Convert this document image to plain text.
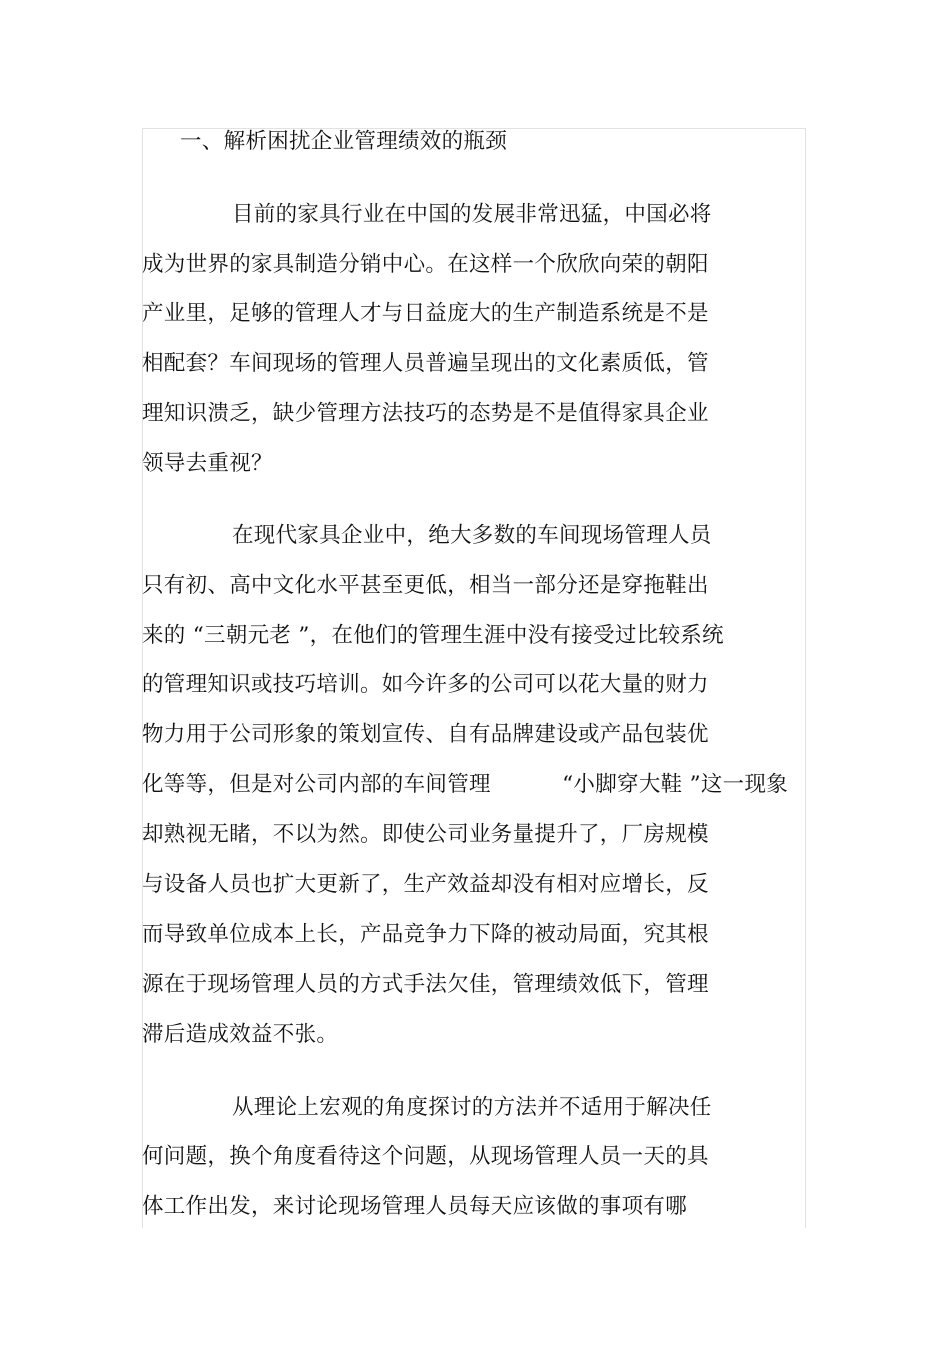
一、解析困扰企业管理绩效的瓶颈
目前的家具行业在中国的发展非常迅猛，中国必将
成为世界的家具制造分销中心。在这样一个欣欣向荣的朝阳
产业里，足够的管理人才与日益庞大的生产制造系统是不是
相配套？车间现场的管理人员普遍呈现出的文化素质低，管
理知识溃乏，缺少管理方法技巧的态势是不是值得家具企业
领导去重视？
在现代家具企业中，绝大多数的车间现场管理人员
只有初、高中文化水平甚至更低，相当一部分还是穿拖鞋出
来的 “三朝元老 ”，在他们的管理生涯中没有接受过比较系统
的管理知识或技巧培训。如今许多的公司可以花大量的财力
物力用于公司形象的策划宣传、自有品牌建设或产品包装优
化等等，但是对公司内部的车间管理          “小脚穿大鞋 ”这一现象
却熟视无睹，不以为然。即使公司业务量提升了，厂房规模
与设备人员也扩大更新了，生产效益却没有相对应增长，反
而导致单位成本上长，产品竞争力下降的被动局面，究其根
源在于现场管理人员的方式手法欠佳，管理绩效低下，管理
滞后造成效益不张。
从理论上宏观的角度探讨的方法并不适用于解决任
何问题，换个角度看待这个问题，从现场管理人员一天的具
体工作出发，来讨论现场管理人员每天应该做的事项有哪
